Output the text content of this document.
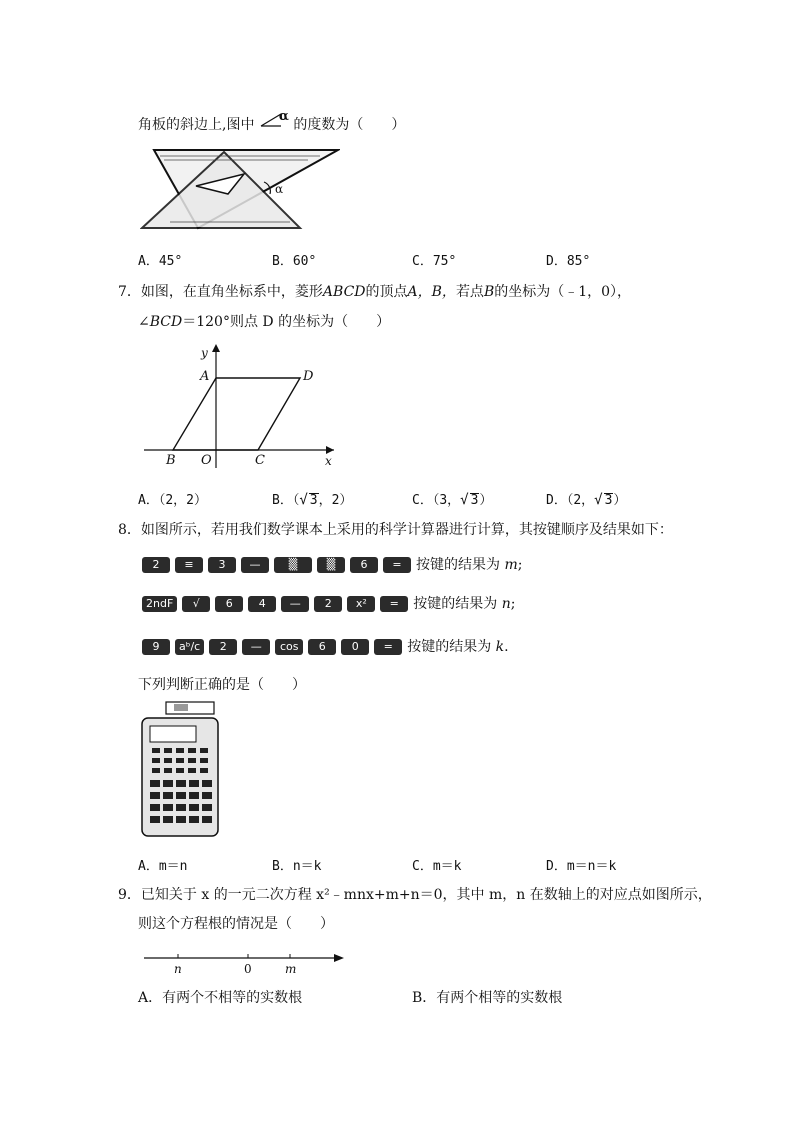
角板的斜边上,图中
α
的度数为（　　）
α
A．45°	B．60°	C．75°	D．85°
7．如图，在直角坐标系中，菱形ABCD的顶点A，B，若点B的坐标为（﹣1，0），
∠BCD＝120°则点 D 的坐标为（　　）
y
x
A	D
B O	C
A．（2，2）	B．（√ 3，2）	C．（3，√ 3）	D．（2，√ 3）
8．如图所示，若用我们数学课本上采用的科学计算器进行计算，其按键顺序及结果如下：
2	≡	3	—	▒	▒	6	=	按键的结果为 m;
2ndF	√	6	4	—	2	x²	=	按键的结果为 n;
9	aᵇ/c	2	—	cos	6	0	=	按键的结果为 k.
下列判断正确的是（　　）
A．m＝n	B．n＝k	C．m＝k	D．m＝n＝k
9．已知关于 x 的一元二次方程 x²﹣mnx+m+n＝0，其中 m，n 在数轴上的对应点如图所示，
则这个方程根的情况是（　　）
n	0	m
A．有两个不相等的实数根	B．有两个相等的实数根
